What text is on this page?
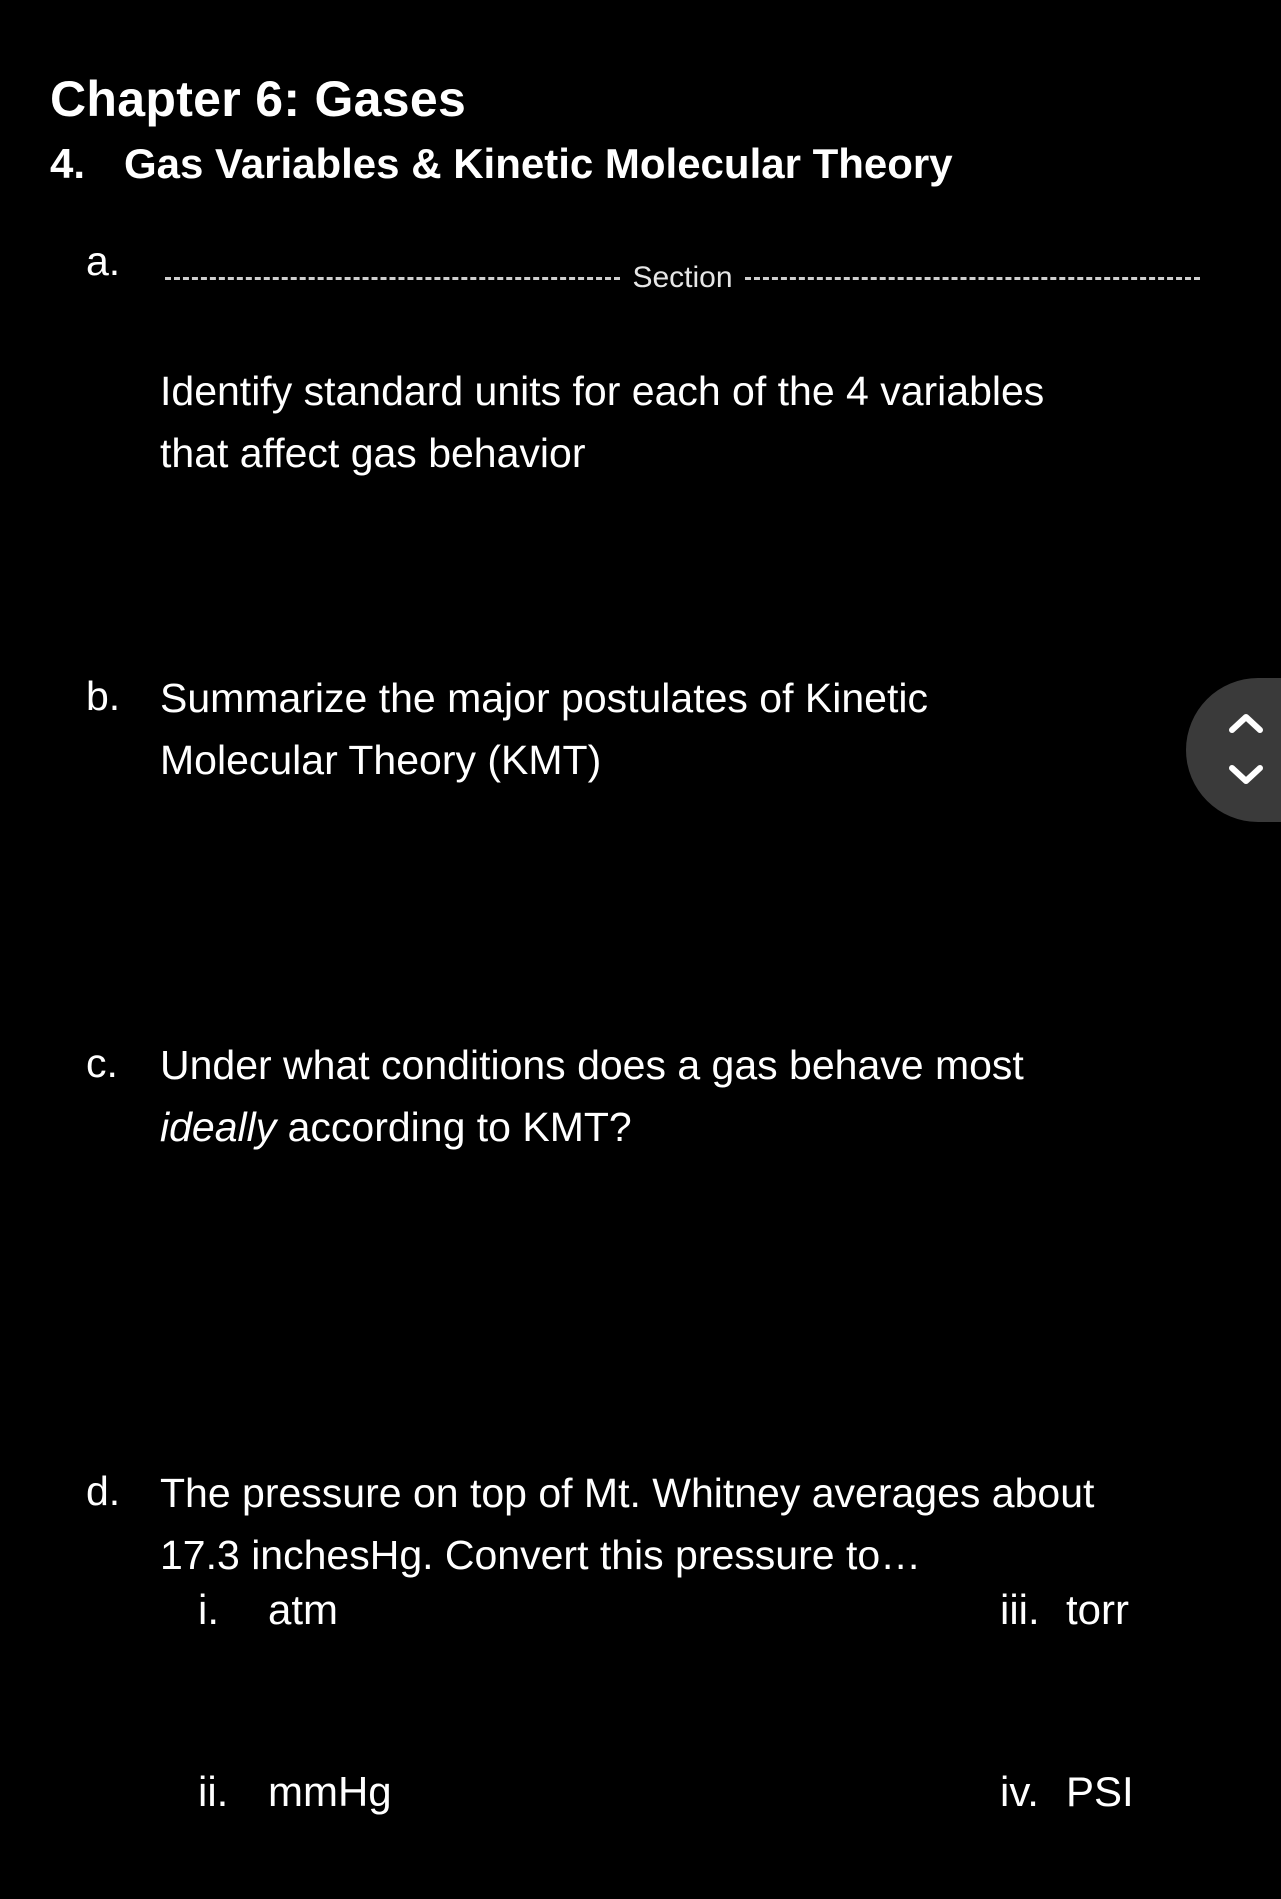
Chapter 6: Gases
4. Gas Variables & Kinetic Molecular Theory
a.	Section
Identify standard units for each of the 4 variables
that affect gas behavior
b. Summarize the major postulates of Kinetic
Molecular Theory (KMT)
c. Under what conditions does a gas behave most
ideally according to KMT?
d. The pressure on top of Mt. Whitney averages about
17.3 inchesHg. Convert this pressure to…
i. atm
ii. mmHg
iii. torr
iv. PSI
